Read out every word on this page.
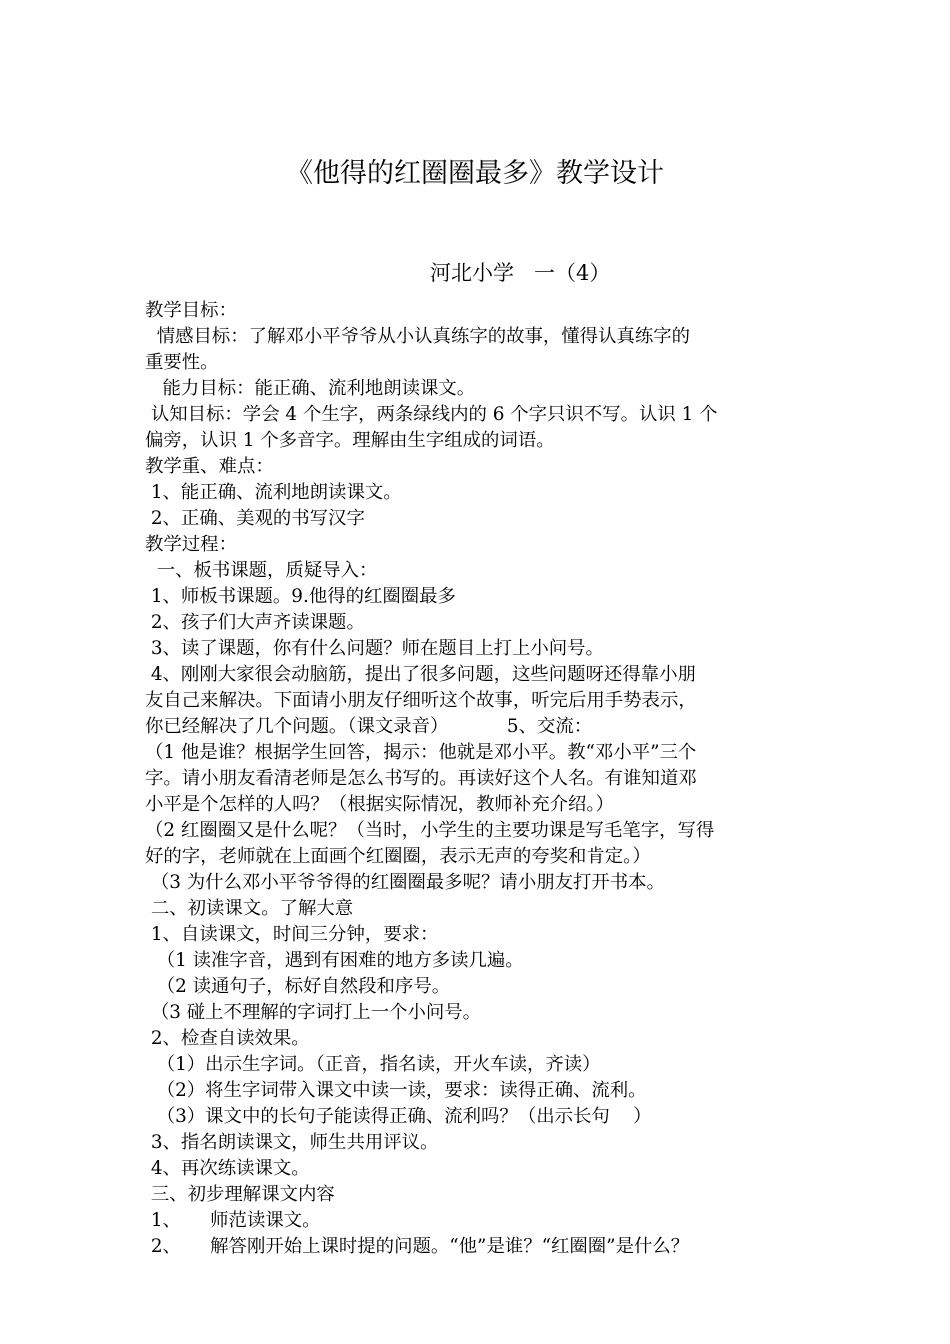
《他得的红圈圈最多》教学设计
河北小学   一（4）
教学目标：
情感目标：了解邓小平爷爷从小认真练字的故事，懂得认真练字的
重要性。
能力目标：能正确、流利地朗读课文。
认知目标：学会 4 个生字，两条绿线内的 6 个字只识不写。认识 1 个
偏旁，认识 1 个多音字。理解由生字组成的词语。
教学重、难点：
1、能正确、流利地朗读课文。
2、正确、美观的书写汉字
教学过程：
一、板书课题，质疑导入：
1、师板书课题。9.他得的红圈圈最多
2、孩子们大声齐读课题。
3、读了课题，你有什么问题？师在题目上打上小问号。
4、刚刚大家很会动脑筋，提出了很多问题，这些问题呀还得靠小朋
友自己来解决。下面请小朋友仔细听这个故事，听完后用手势表示，
你已经解决了几个问题。（课文录音）          5、交流：
（1 他是谁？根据学生回答，揭示：他就是邓小平。教“邓小平”三个
字。请小朋友看清老师是怎么书写的。再读好这个人名。有谁知道邓
小平是个怎样的人吗？（根据实际情况，教师补充介绍。）
（2 红圈圈又是什么呢？（当时，小学生的主要功课是写毛笔字，写得
好的字，老师就在上面画个红圈圈，表示无声的夸奖和肯定。）
（3 为什么邓小平爷爷得的红圈圈最多呢？请小朋友打开书本。
二、初读课文。了解大意
1、自读课文，时间三分钟，要求：
（1 读准字音，遇到有困难的地方多读几遍。
（2 读通句子，标好自然段和序号。
（3 碰上不理解的字词打上一个小问号。
2、检查自读效果。
（1）出示生字词。（正音，指名读，开火车读，齐读）
（2）将生字词带入课文中读一读，要求：读得正确、流利。
（3）课文中的长句子能读得正确、流利吗？（出示长句    ）
3、指名朗读课文，师生共用评议。
4、再次练读课文。
三、初步理解课文内容
1、     师范读课文。
2、     解答刚开始上课时提的问题。“他”是谁？“红圈圈”是什么？
